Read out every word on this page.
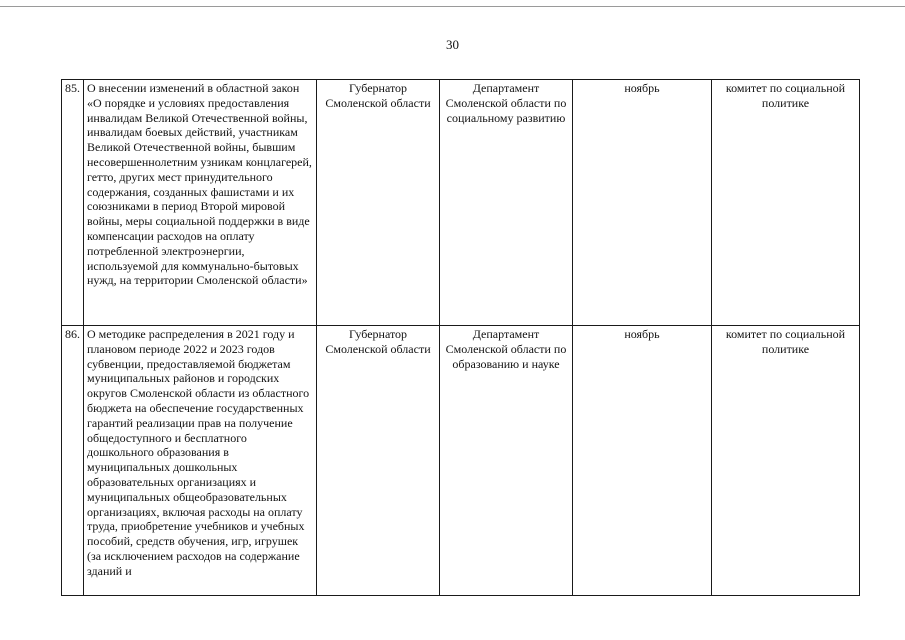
30
85.	О внесении изменений в областной закон «О порядке и условиях предоставления инвалидам Великой Отечественной войны, инвалидам боевых действий, участникам Великой Отечественной войны, бывшим несовершеннолетним узникам концлагерей, гетто, других мест принудительного содержания, созданных фашистами и их союзниками в период Второй мировой войны, меры социальной поддержки в виде компенсации расходов на оплату потребленной электроэнергии, используемой для коммунально-бытовых нужд, на территории Смоленской области»	Губернатор Смоленской области	Департамент Смоленской области по социальному развитию	ноябрь	комитет по социальной политике

86.	О методике распределения в 2021 году и плановом периоде 2022 и 2023 годов субвенции, предоставляемой бюджетам муниципальных районов и городских округов Смоленской области из областного бюджета на обеспечение государственных гарантий реализации прав на получение общедоступного и бесплатного дошкольного образования в муниципальных дошкольных образовательных организациях и муниципальных общеобразовательных организациях, включая расходы на оплату труда, приобретение учебников и учебных пособий, средств обучения, игр, игрушек (за исключением расходов на содержание зданий и	Губернатор Смоленской области	Департамент Смоленской области по образованию и науке	ноябрь	комитет по социальной политике
